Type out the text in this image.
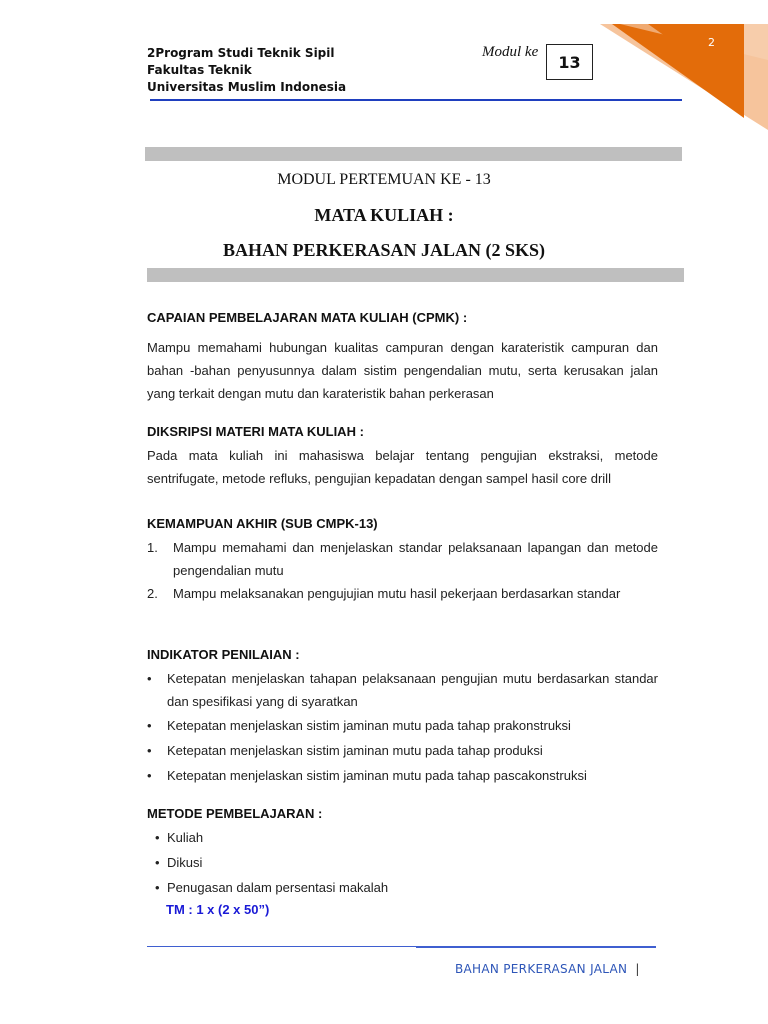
2Program Studi Teknik Sipil
Fakultas Teknik
Universitas Muslim Indonesia
Modul ke
13
2
MODUL PERTEMUAN KE - 13
MATA KULIAH :
BAHAN PERKERASAN JALAN (2 SKS)
CAPAIAN PEMBELAJARAN MATA KULIAH (CPMK) :
Mampu memahami hubungan kualitas campuran dengan karateristik campuran dan bahan -bahan penyusunnya dalam sistim pengendalian mutu, serta kerusakan jalan yang terkait dengan mutu dan karateristik bahan perkerasan
DIKSRIPSI MATERI MATA KULIAH :
Pada mata kuliah ini mahasiswa belajar tentang pengujian ekstraksi, metode sentrifugate, metode refluks, pengujian kepadatan dengan sampel hasil core drill
KEMAMPUAN AKHIR (SUB CMPK-13)
1. Mampu memahami dan menjelaskan standar pelaksanaan lapangan dan metode pengendalian mutu
2. Mampu melaksanakan pengujujian mutu hasil pekerjaan berdasarkan standar
INDIKATOR PENILAIAN :
• Ketepatan menjelaskan tahapan pelaksanaan pengujian mutu berdasarkan standar dan spesifikasi yang di syaratkan
• Ketepatan menjelaskan sistim jaminan mutu pada tahap prakonstruksi
• Ketepatan menjelaskan sistim jaminan mutu pada tahap produksi
• Ketepatan menjelaskan sistim jaminan mutu pada tahap pascakonstruksi
METODE PEMBELAJARAN :
• Kuliah
• Dikusi
• Penugasan dalam persentasi makalah
TM : 1 x (2 x 50”)
BAHAN PERKERASAN JALAN |
